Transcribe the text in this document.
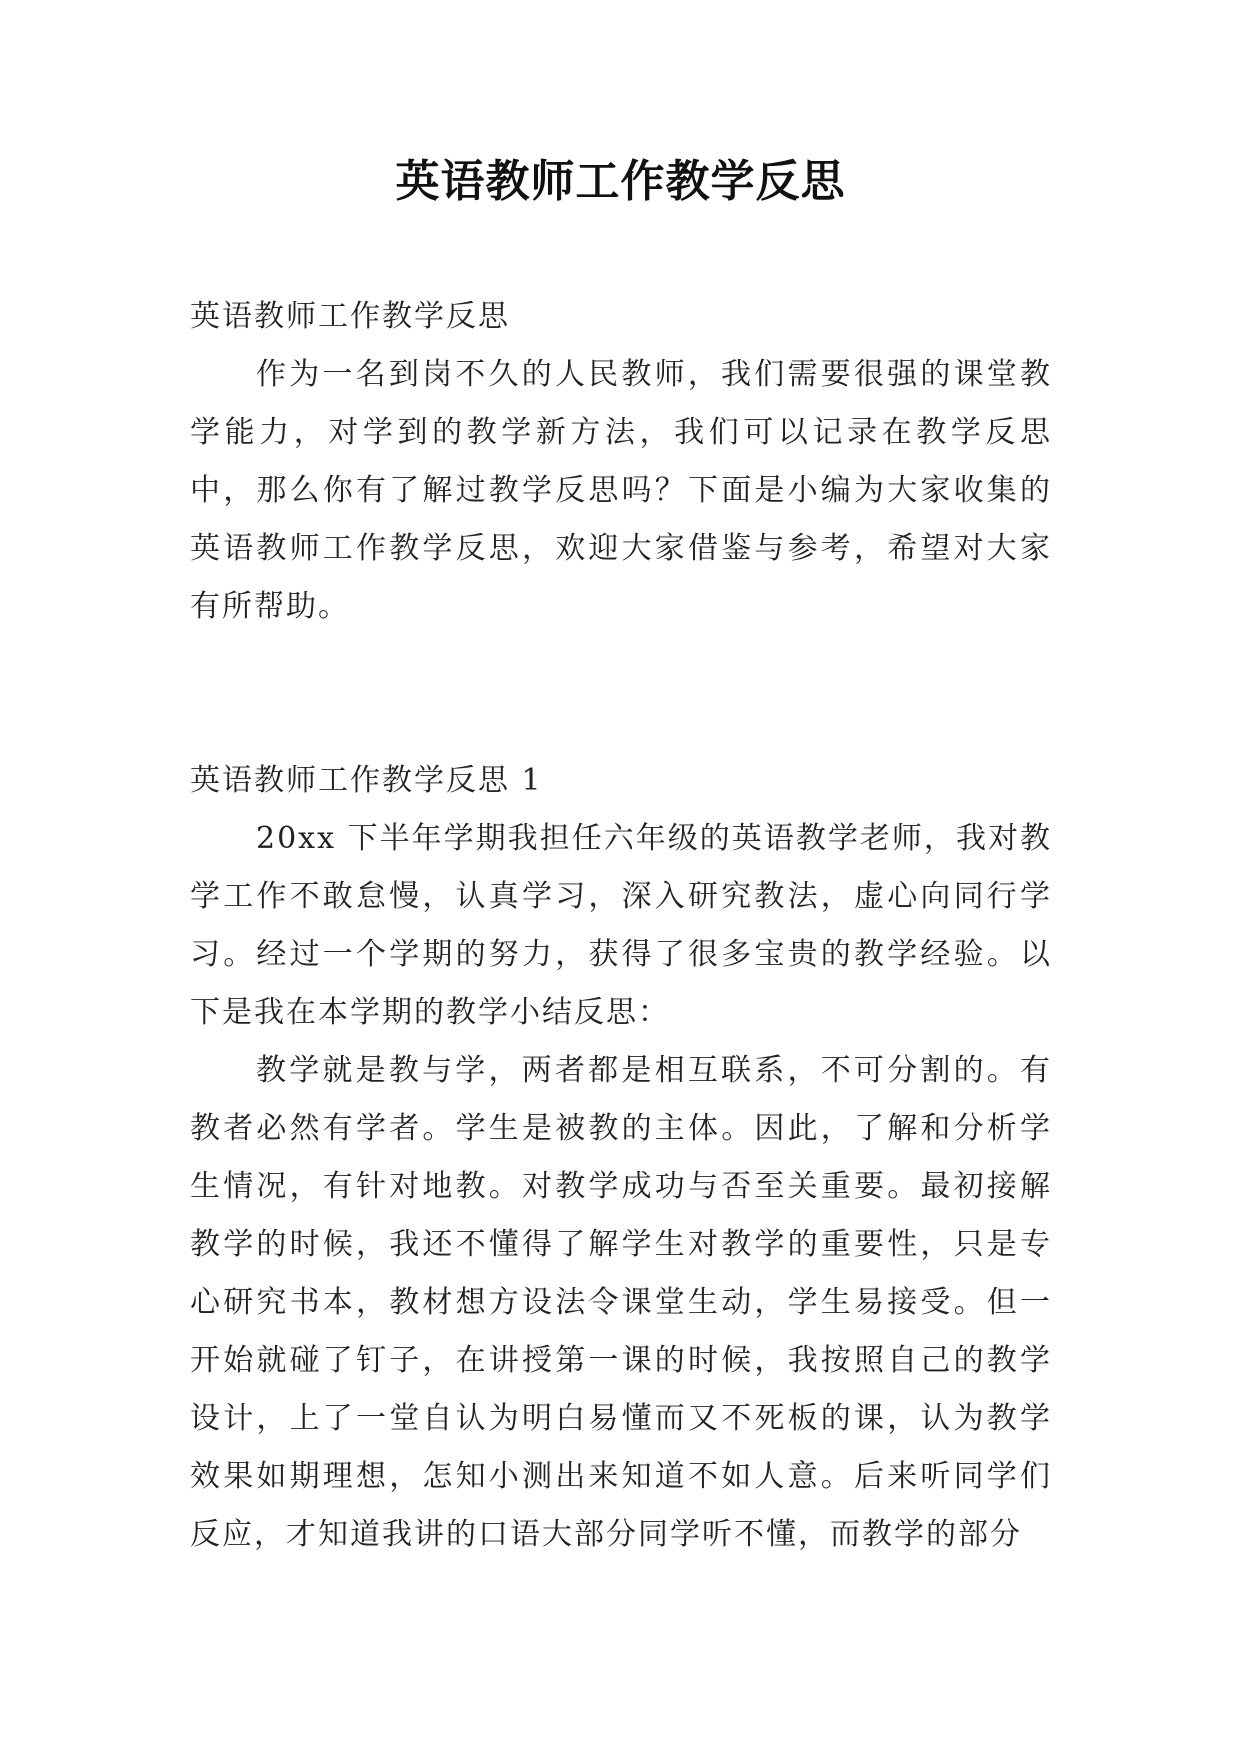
英语教师工作教学反思
英语教师工作教学反思

作为一名到岗不久的人民教师，我们需要很强的课堂教学能力，对学到的教学新方法，我们可以记录在教学反思中，那么你有了解过教学反思吗？下面是小编为大家收集的英语教师工作教学反思，欢迎大家借鉴与参考，希望对大家有所帮助。

英语教师工作教学反思 1

20xx 下半年学期我担任六年级的英语教学老师，我对教学工作不敢怠慢，认真学习，深入研究教法，虚心向同行学习。经过一个学期的努力，获得了很多宝贵的教学经验。以下是我在本学期的教学小结反思：

教学就是教与学，两者都是相互联系，不可分割的。有教者必然有学者。学生是被教的主体。因此，了解和分析学生情况，有针对地教。对教学成功与否至关重要。最初接解教学的时候，我还不懂得了解学生对教学的重要性，只是专心研究书本，教材想方设法令课堂生动，学生易接受。但一开始就碰了钉子，在讲授第一课的时候，我按照自己的教学设计，上了一堂自认为明白易懂而又不死板的课，认为教学效果如期理想，怎知小测出来知道不如人意。后来听同学们反应，才知道我讲的口语大部分同学听不懂，而教学的部分
